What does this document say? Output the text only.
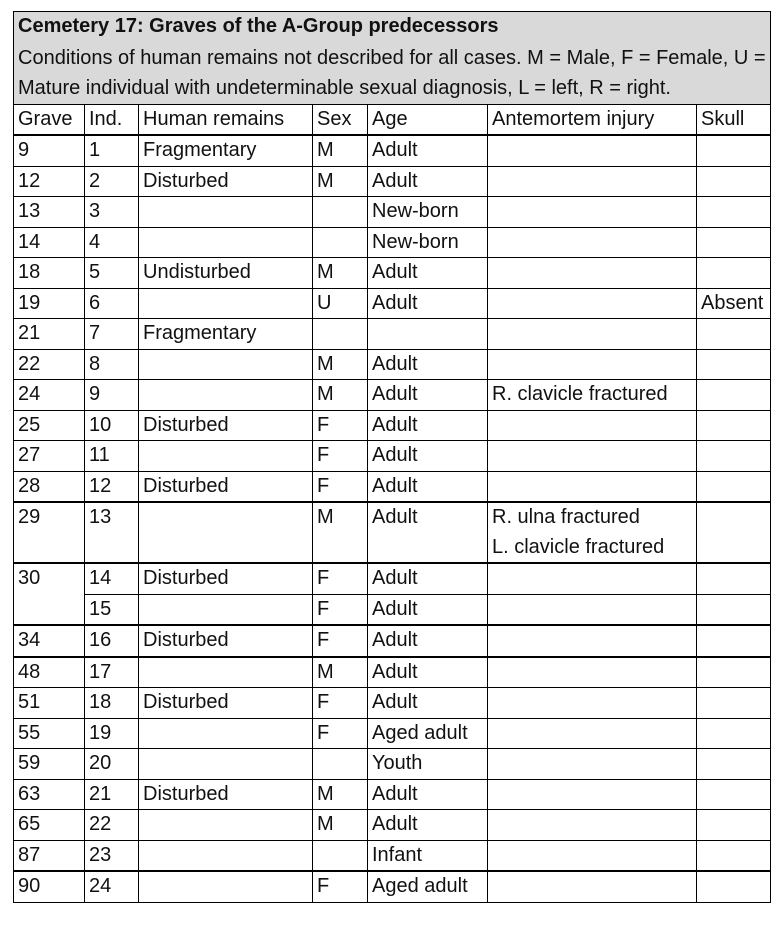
Cemetery 17: Graves of the A-Group predecessors						
Conditions of human remains not described for all cases. M = Male, F = Female, U = Mature individual with undeterminable sexual diagnosis, L = left, R = right.						
Grave	Ind.	Human remains	Sex	Age	Antemortem injury	Skull
9	1	Fragmentary	M	Adult		
12	2	Disturbed	M	Adult		
13	3			New-born		
14	4			New-born		
18	5	Undisturbed	M	Adult		
19	6		U	Adult		Absent
21	7	Fragmentary				
22	8		M	Adult		
24	9		M	Adult	R. clavicle fractured	
25	10	Disturbed	F	Adult		
27	11		F	Adult		
28	12	Disturbed	F	Adult		
29	13		M	Adult	R. ulna fractured
L. clavicle fractured	

30	14	Disturbed	F	Adult		
	15		F	Adult		
34	16	Disturbed	F	Adult		
48	17		M	Adult		
51	18	Disturbed	F	Adult		
55	19		F	Aged adult		
59	20			Youth		
63	21	Disturbed	M	Adult		
65	22		M	Adult		
87	23			Infant		
90	24		F	Aged adult		
